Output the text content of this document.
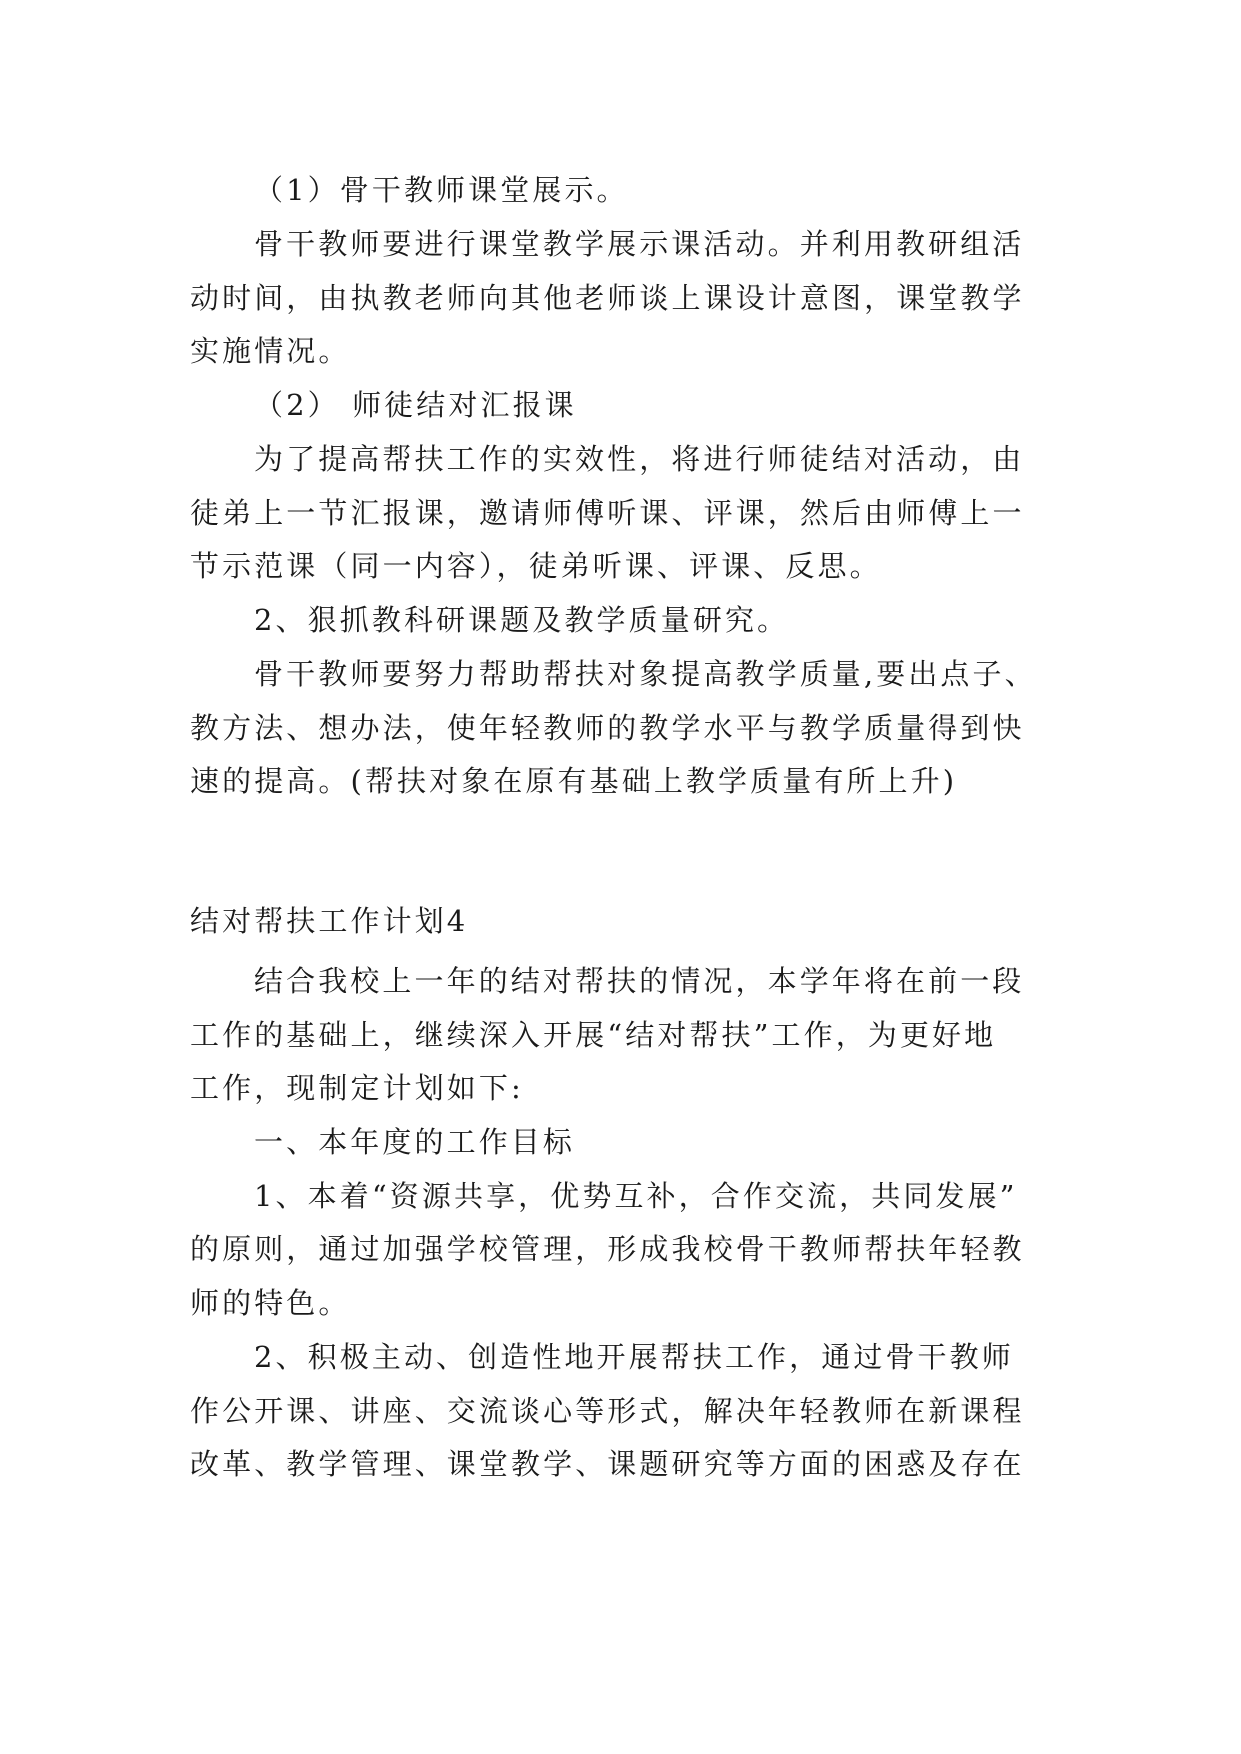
（1）骨干教师课堂展示。
骨干教师要进行课堂教学展示课活动。并利用教研组活
动时间，由执教老师向其他老师谈上课设计意图，课堂教学
实施情况。
（2） 师徒结对汇报课
为了提高帮扶工作的实效性，将进行师徒结对活动，由
徒弟上一节汇报课，邀请师傅听课、评课，然后由师傅上一
节示范课（同一内容），徒弟听课、评课、反思。
2、狠抓教科研课题及教学质量研究。
骨干教师要努力帮助帮扶对象提高教学质量,要出点子、
教方法、想办法，使年轻教师的教学水平与教学质量得到快
速的提高。(帮扶对象在原有基础上教学质量有所上升)
结对帮扶工作计划4
结合我校上一年的结对帮扶的情况，本学年将在前一段
工作的基础上，继续深入开展“结对帮扶”工作，为更好地
工作，现制定计划如下:
一、本年度的工作目标
1、本着“资源共享，优势互补，合作交流，共同发展”
的原则，通过加强学校管理，形成我校骨干教师帮扶年轻教
师的特色。
2、积极主动、创造性地开展帮扶工作，通过骨干教师
作公开课、讲座、交流谈心等形式，解决年轻教师在新课程
改革、教学管理、课堂教学、课题研究等方面的困惑及存在
